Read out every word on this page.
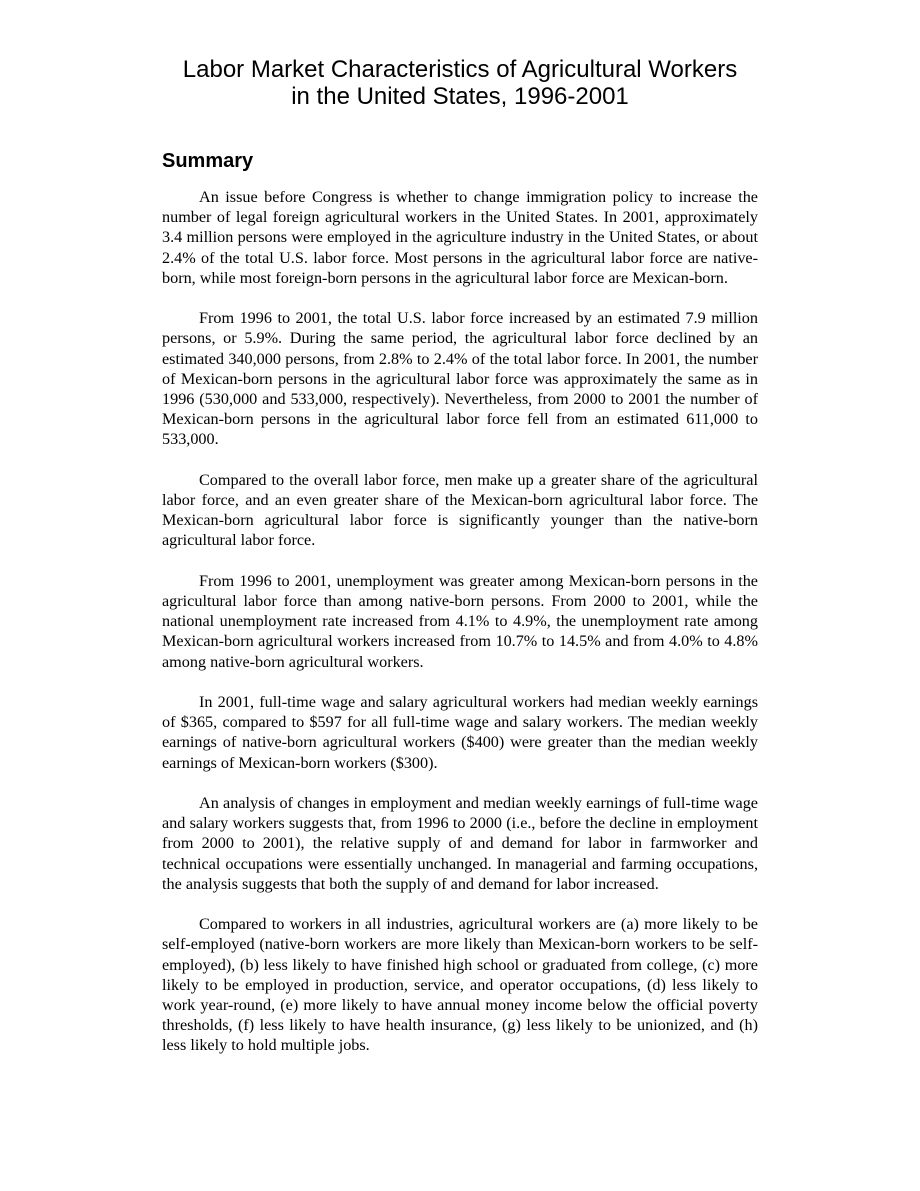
Labor Market Characteristics of Agricultural Workers
in the United States, 1996-2001
Summary

An issue before Congress is whether to change immigration policy to increase the number of legal foreign agricultural workers in the United States. In 2001, approximately 3.4 million persons were employed in the agriculture industry in the United States, or about 2.4% of the total U.S. labor force. Most persons in the agricultural labor force are native-born, while most foreign-born persons in the agricultural labor force are Mexican-born.

From 1996 to 2001, the total U.S. labor force increased by an estimated 7.9 million persons, or 5.9%. During the same period, the agricultural labor force declined by an estimated 340,000 persons, from 2.8% to 2.4% of the total labor force. In 2001, the number of Mexican-born persons in the agricultural labor force was approximately the same as in 1996 (530,000 and 533,000, respectively). Nevertheless, from 2000 to 2001 the number of Mexican-born persons in the agricultural labor force fell from an estimated 611,000 to 533,000.

Compared to the overall labor force, men make up a greater share of the agricultural labor force, and an even greater share of the Mexican-born agricultural labor force. The Mexican-born agricultural labor force is significantly younger than the native-born agricultural labor force.

From 1996 to 2001, unemployment was greater among Mexican-born persons in the agricultural labor force than among native-born persons. From 2000 to 2001, while the national unemployment rate increased from 4.1% to 4.9%, the unemployment rate among Mexican-born agricultural workers increased from 10.7% to 14.5% and from 4.0% to 4.8% among native-born agricultural workers.

In 2001, full-time wage and salary agricultural workers had median weekly earnings of $365, compared to $597 for all full-time wage and salary workers. The median weekly earnings of native-born agricultural workers ($400) were greater than the median weekly earnings of Mexican-born workers ($300).

An analysis of changes in employment and median weekly earnings of full-time wage and salary workers suggests that, from 1996 to 2000 (i.e., before the decline in employment from 2000 to 2001), the relative supply of and demand for labor in farmworker and technical occupations were essentially unchanged. In managerial and farming occupations, the analysis suggests that both the supply of and demand for labor increased.

Compared to workers in all industries, agricultural workers are (a) more likely to be self-employed (native-born workers are more likely than Mexican-born workers to be self-employed), (b) less likely to have finished high school or graduated from college, (c) more likely to be employed in production, service, and operator occupations, (d) less likely to work year-round, (e) more likely to have annual money income below the official poverty thresholds, (f) less likely to have health insurance, (g) less likely to be unionized, and (h) less likely to hold multiple jobs.
